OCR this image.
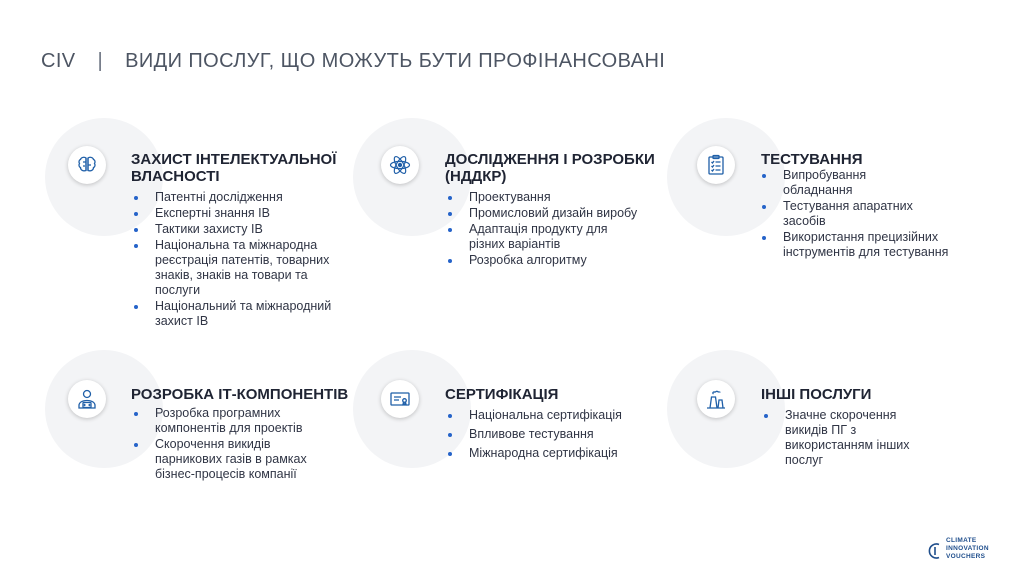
CIV | ВИДИ ПОСЛУГ, ЩО МОЖУТЬ БУТИ ПРОФІНАНСОВАНІ
ЗАХИСТ ІНТЕЛЕКТУАЛЬНОЇ ВЛАСНОСТІ
Патентні дослідження
Експертні знання ІВ
Тактики захисту ІВ
Національна та міжнародна реєстрація патентів, товарних знаків, знаків на товари та послуги
Національний та міжнародний захист ІВ
ДОСЛІДЖЕННЯ І РОЗРОБКИ (НДДКР)
Проектування
Промисловий дизайн виробу
Адаптація продукту для різних варіантів
Розробка алгоритму
ТЕСТУВАННЯ
Випробування обладнання
Тестування апаратних засобів
Використання прецизійних інструментів для тестування
РОЗРОБКА ІТ-КОМПОНЕНТІВ
Розробка програмних компонентів для проектів
Скорочення викидів парникових газів в рамках бізнес-процесів компанії
СЕРТИФІКАЦІЯ
Національна сертифікація
Впливове тестування
Міжнародна сертифікація
ІНШІ ПОСЛУГИ
Значне скорочення викидів ПГ з використанням інших послуг
CLIMATE
INNOVATION
VOUCHERS
